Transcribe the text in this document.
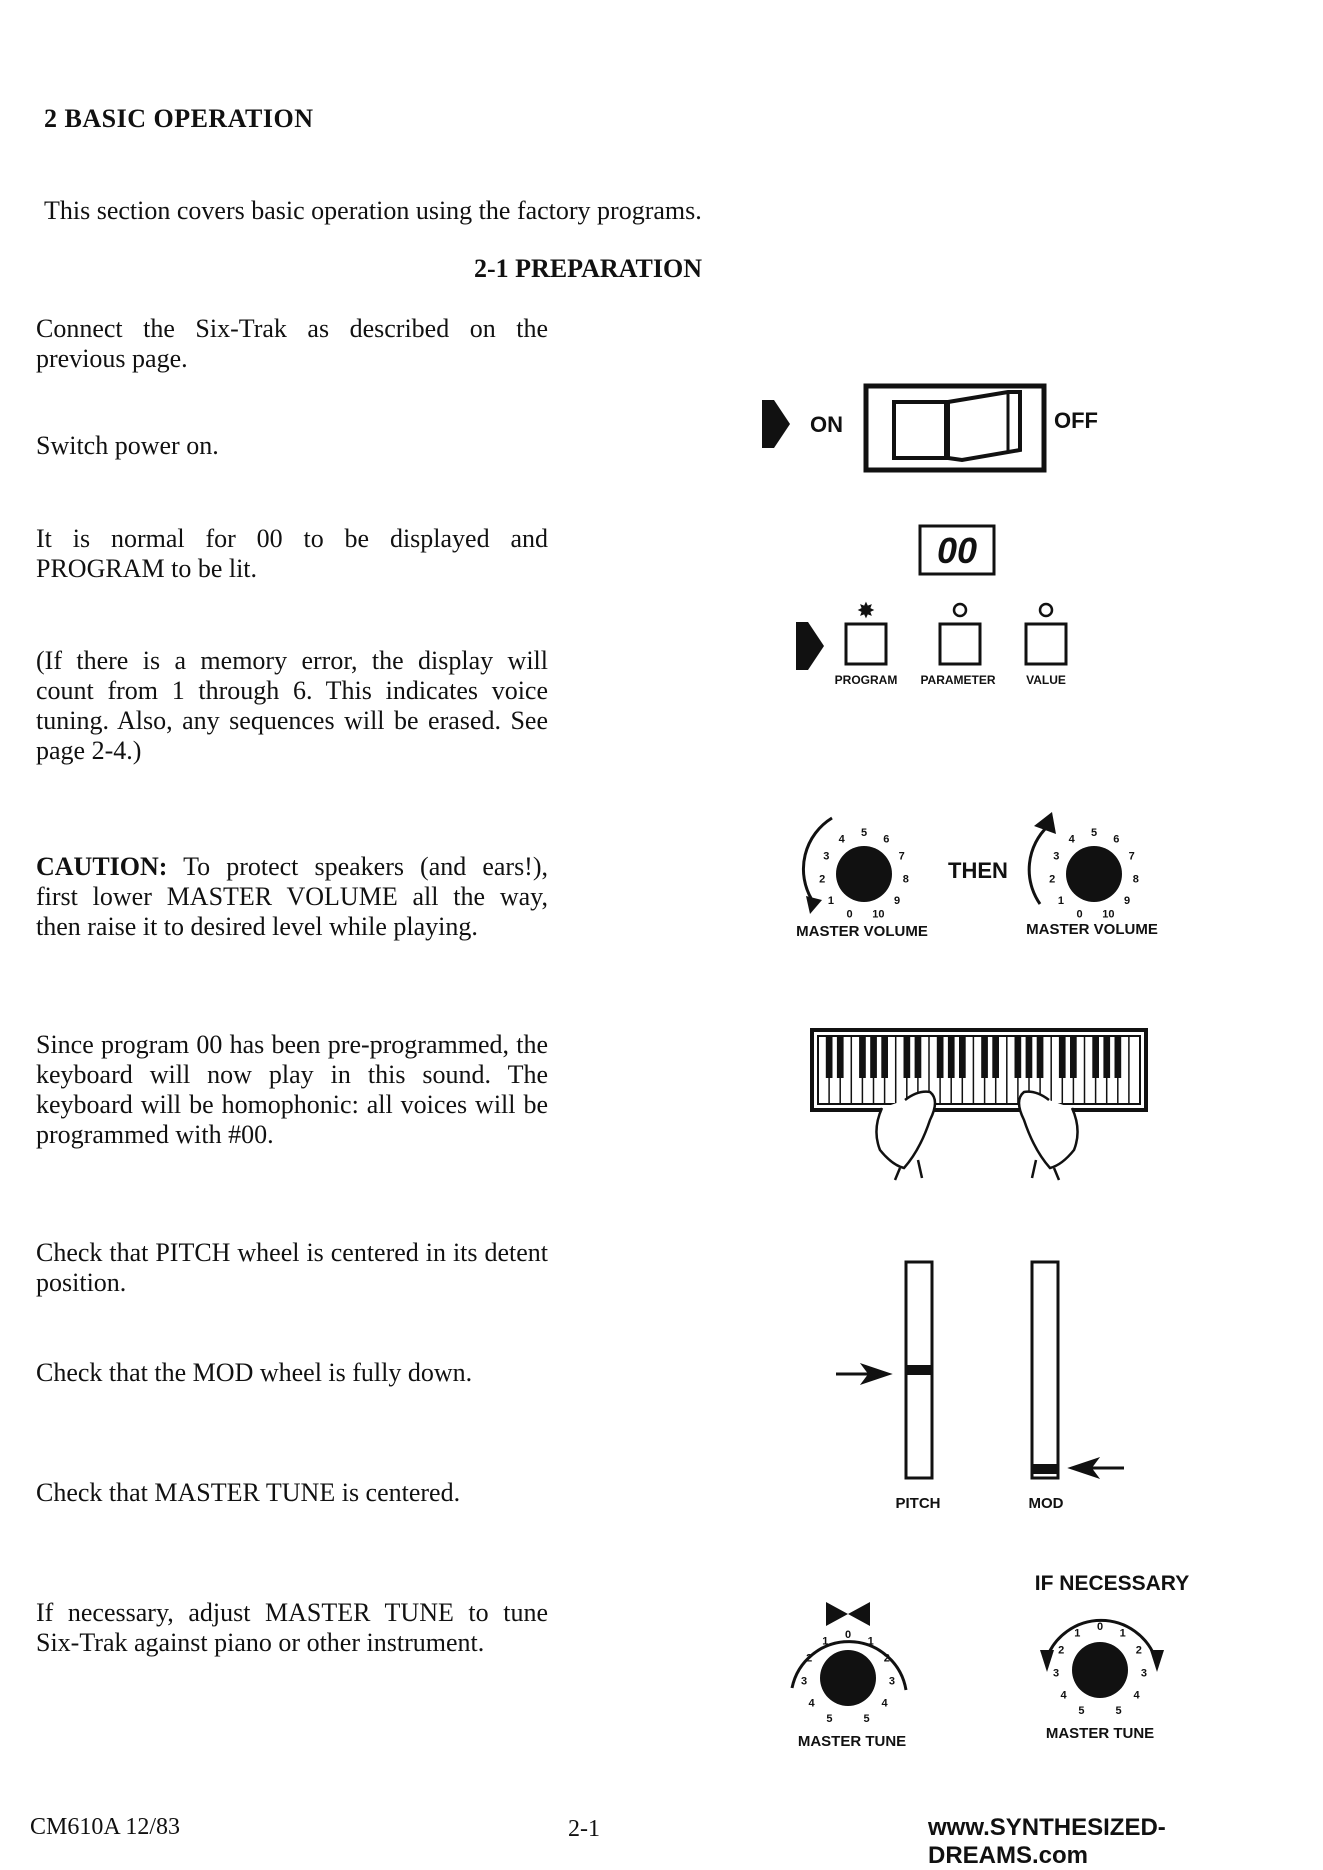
2 BASIC OPERATION
This section covers basic operation using the factory programs.
2-1 PREPARATION
Connect the Six-Trak as described on the previous page.
Switch power on.
It is normal for 00 to be displayed and PROGRAM to be lit.
(If there is a memory error, the display will count from 1 through 6. This indicates voice tuning. Also, any sequences will be erased. See page 2-4.)
CAUTION: To protect speakers (and ears!), first lower MASTER VOLUME all the way, then raise it to desired level while playing.
Since program 00 has been pre-programmed, the keyboard will now play in this sound. The keyboard will be homophonic: all voices will be programmed with #00.
Check that PITCH wheel is centered in its detent position.
Check that the MOD wheel is fully down.
Check that MASTER TUNE is centered.
If necessary, adjust MASTER TUNE to tune Six-Trak against piano or other instrument.
ON	OFF
00
✸
PROGRAM PARAMETER	VALUE
MASTER VOLUME
0
1
2
3
4
5
6
7
8
9
10
THEN
MASTER VOLUME
0
1
2
3
4
5
6
7
8
9
10
PITCH	MOD
IF NECESSARY
MASTER TUNE
5
4
3
2
1
0
1
2
3
4
5
MASTER TUNE
5
4
3
2
1
0
1
2
3
4
5
CM610A 12/83	2-1	www.SYNTHESIZED-DREAMS.com
